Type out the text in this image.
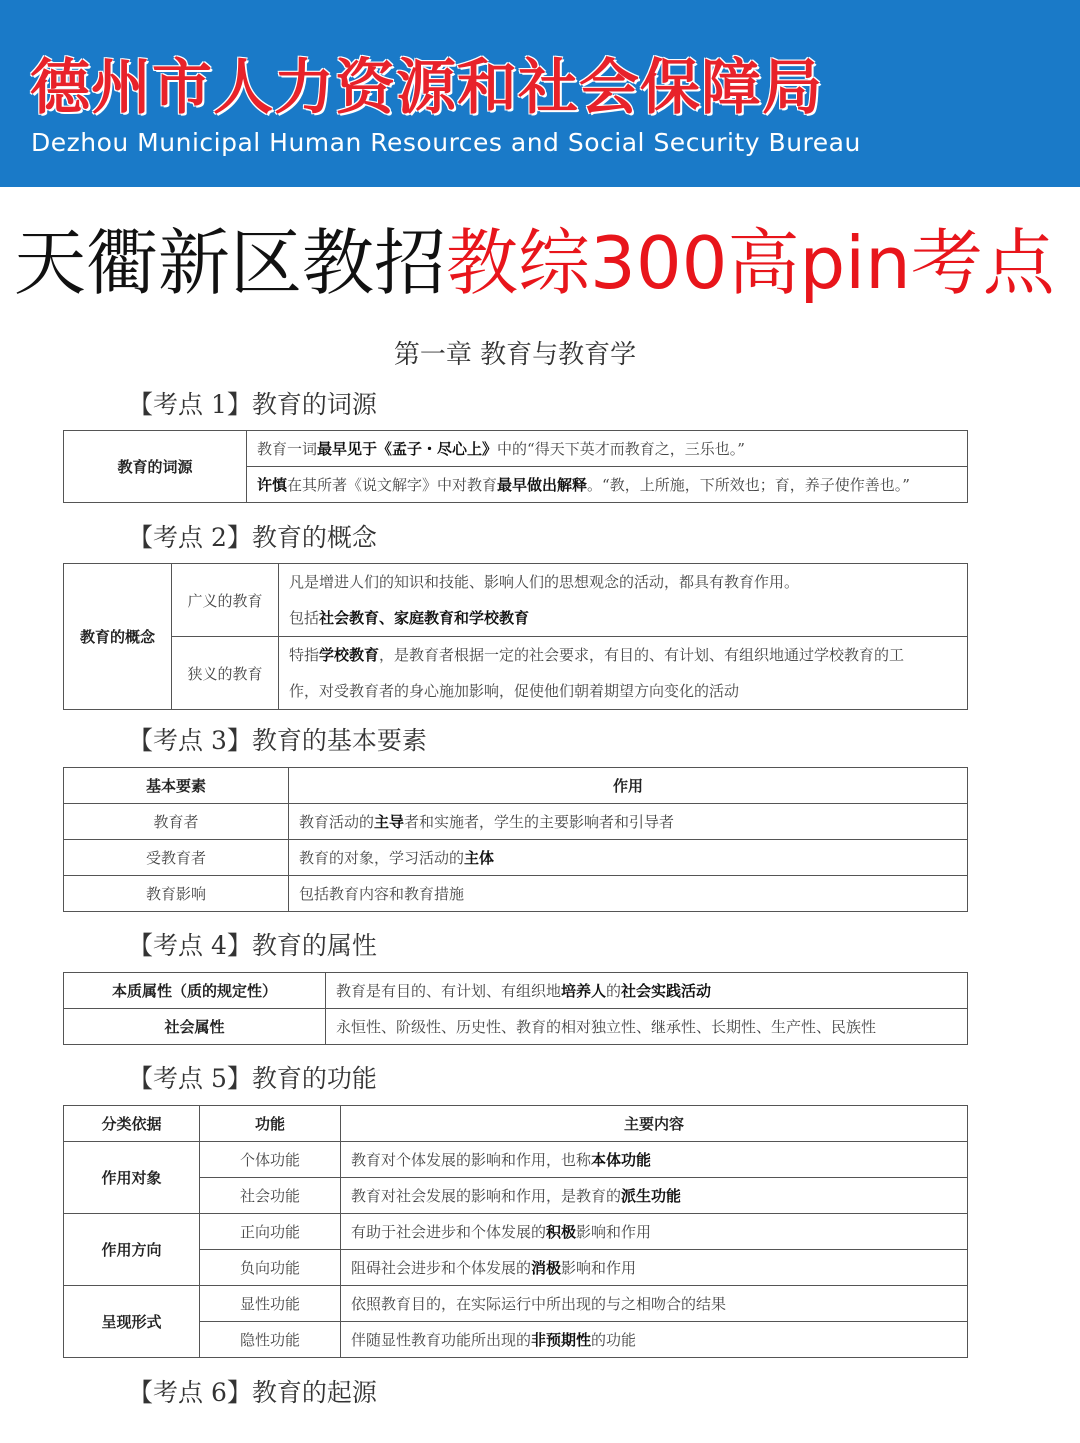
德州市人力资源和社会保障局
Dezhou Municipal Human Resources and Social Security Bureau
天衢新区教招教综300高pin考点
第一章 教育与教育学
【考点 1】教育的词源
教育的词源	教育一词最早见于《孟子・尽心上》中的“得天下英才而教育之，三乐也。”
许慎在其所著《说文解字》中对教育最早做出解释。“教，上所施，下所效也；育，养子使作善也。”
【考点 2】教育的概念
教育的概念	广义的教育	凡是增进人们的知识和技能、影响人们的思想观念的活动，都具有教育作用。
包括社会教育、家庭教育和学校教育

	狭义的教育	特指学校教育，是教育者根据一定的社会要求，有目的、有计划、有组织地通过学校教育的工
作，对受教育者的身心施加影响，促使他们朝着期望方向变化的活动
【考点 3】教育的基本要素
基本要素	作用
教育者	教育活动的主导者和实施者，学生的主要影响者和引导者
受教育者	教育的对象，学习活动的主体
教育影响	包括教育内容和教育措施
【考点 4】教育的属性
本质属性（质的规定性）	教育是有目的、有计划、有组织地培养人的社会实践活动
社会属性	永恒性、阶级性、历史性、教育的相对独立性、继承性、长期性、生产性、民族性
【考点 5】教育的功能
分类依据	功能	主要内容
作用对象	个体功能	教育对个体发展的影响和作用，也称本体功能
	社会功能	教育对社会发展的影响和作用，是教育的派生功能
作用方向	正向功能	有助于社会进步和个体发展的积极影响和作用
	负向功能	阻碍社会进步和个体发展的消极影响和作用
呈现形式	显性功能	依照教育目的，在实际运行中所出现的与之相吻合的结果
	隐性功能	伴随显性教育功能所出现的非预期性的功能
【考点 6】教育的起源
